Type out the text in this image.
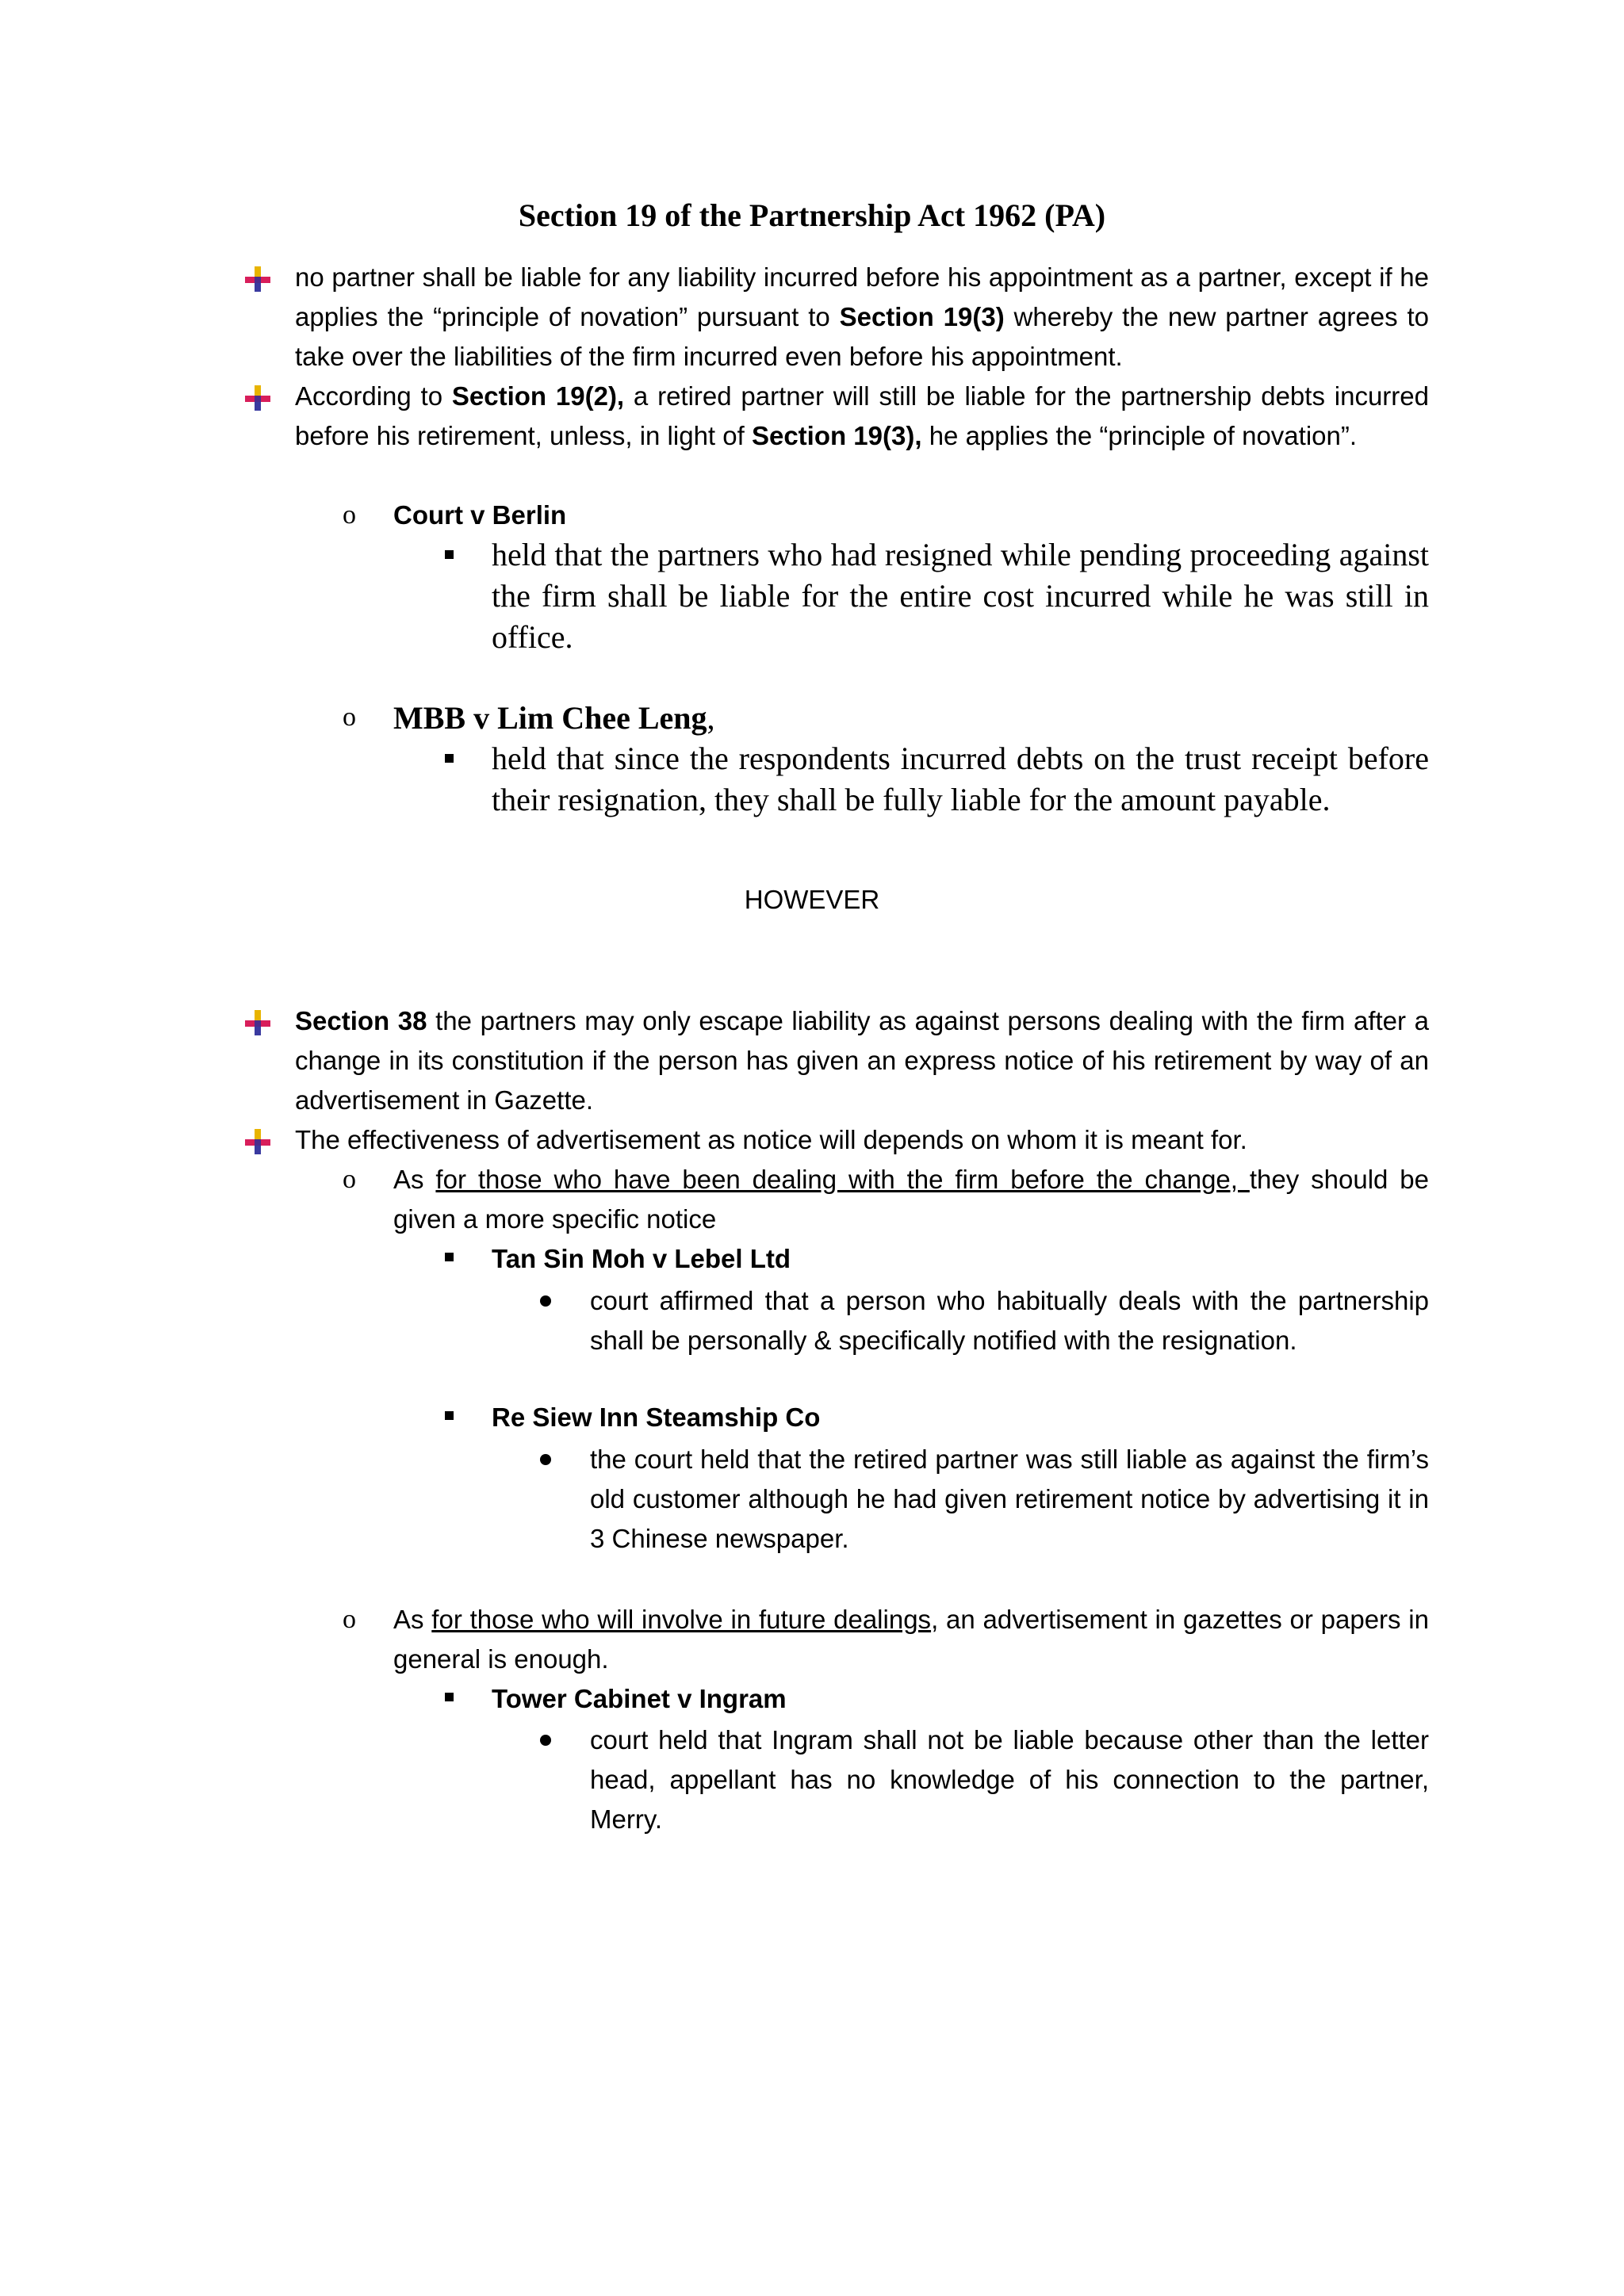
Section 19 of the Partnership Act 1962 (PA)
no partner shall be liable for any liability incurred before his appointment as a partner, except if he applies the “principle of novation” pursuant to Section 19(3) whereby the new partner agrees to take over the liabilities of the firm incurred even before his appointment.
According to Section 19(2), a retired partner will still be liable for the partnership debts incurred before his retirement, unless, in light of Section 19(3), he applies the “principle of novation”.
o Court v Berlin
held that the partners who had resigned while pending proceeding against the firm shall be liable for the entire cost incurred while he was still in office.
o MBB v Lim Chee Leng,
held that since the respondents incurred debts on the trust receipt before their resignation, they shall be fully liable for the amount payable.
HOWEVER
Section 38 the partners may only escape liability as against persons dealing with the firm after a change in its constitution if the person has given an express notice of his retirement by way of an advertisement in Gazette.
The effectiveness of advertisement as notice will depends on whom it is meant for.
o As for those who have been dealing with the firm before the change, they should be given a more specific notice
Tan Sin Moh v Lebel Ltd
court affirmed that a person who habitually deals with the partnership shall be personally & specifically notified with the resignation.
Re Siew Inn Steamship Co
the court held that the retired partner was still liable as against the firm’s old customer although he had given retirement notice by advertising it in 3 Chinese newspaper.
o As for those who will involve in future dealings, an advertisement in gazettes or papers in general is enough.
Tower Cabinet v Ingram
court held that Ingram shall not be liable because other than the letter head, appellant has no knowledge of his connection to the partner, Merry.
